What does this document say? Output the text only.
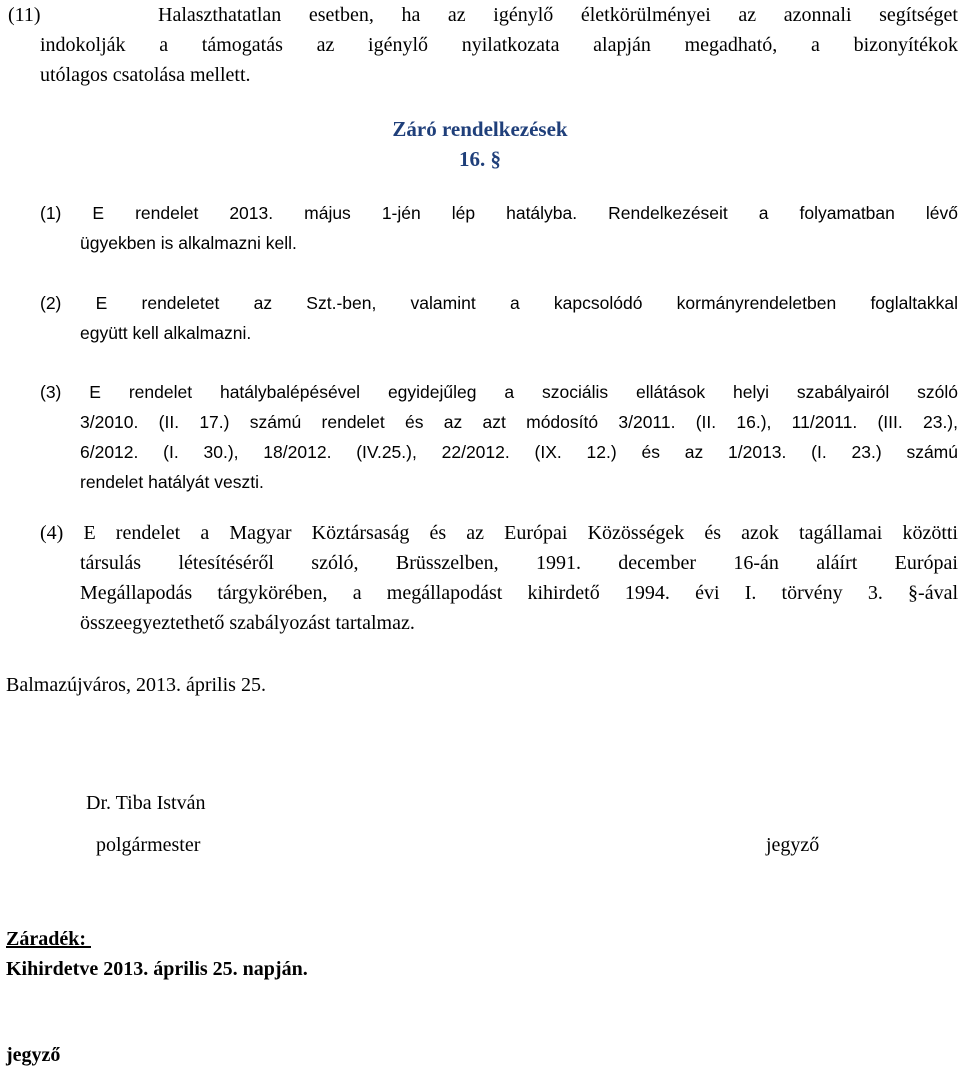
(11)	Halaszthatatlan esetben, ha az igénylő életkörülményei az azonnali segítséget
indokolják a támogatás az igénylő nyilatkozata alapján megadható, a bizonyítékok
utólagos csatolása mellett.
Záró rendelkezések
16. §
(1) E rendelet 2013. május 1-jén lép hatályba. Rendelkezéseit a folyamatban lévő
ügyekben is alkalmazni kell.
(2) E rendeletet az Szt.-ben, valamint a kapcsolódó kormányrendeletben foglaltakkal
együtt kell alkalmazni.
(3) E rendelet hatálybalépésével egyidejűleg a szociális ellátások helyi szabályairól szóló
3/2010. (II. 17.) számú rendelet és az azt módosító 3/2011. (II. 16.), 11/2011. (III. 23.),
6/2012. (I. 30.), 18/2012. (IV.25.), 22/2012. (IX. 12.) és az 1/2013. (I. 23.) számú
rendelet hatályát veszti.
(4) E rendelet a Magyar Köztársaság és az Európai Közösségek és azok tagállamai közötti
társulás létesítéséről szóló, Brüsszelben, 1991. december 16-án aláírt Európai
Megállapodás tárgykörében, a megállapodást kihirdető 1994. évi I. törvény 3. §-ával
összeegyeztethető szabályozást tartalmaz.
Balmazújváros, 2013. április 25.
Dr. Tiba István
polgármester	jegyző
Záradék:
Kihirdetve 2013. április 25. napján.
jegyző
